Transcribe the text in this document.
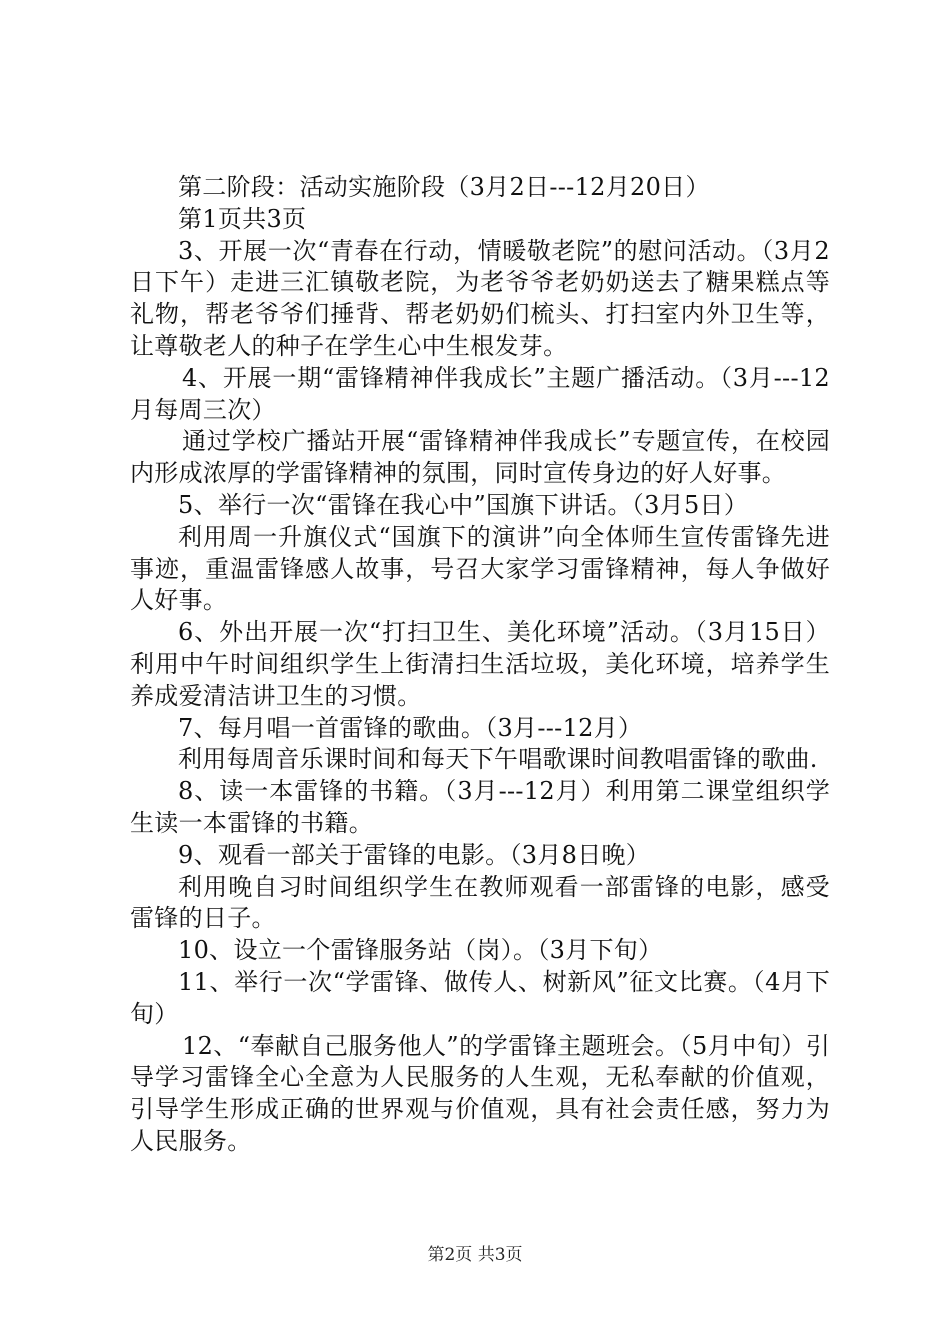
第二阶段：活动实施阶段（3月2日---12月20日）

第1页共3页

3、开展一次“青春在行动，情暖敬老院”的慰问活动。（3月2日下午）走进三汇镇敬老院，为老爷爷老奶奶送去了糖果糕点等礼物，帮老爷爷们捶背、帮老奶奶们梳头、打扫室内外卫生等，让尊敬老人的种子在学生心中生根发芽。

4、开展一期“雷锋精神伴我成长”主题广播活动。（3月---12月每周三次）

通过学校广播站开展“雷锋精神伴我成长”专题宣传，在校园内形成浓厚的学雷锋精神的氛围，同时宣传身边的好人好事。

5、举行一次“雷锋在我心中”国旗下讲话。（3月5日）

利用周一升旗仪式“国旗下的演讲”向全体师生宣传雷锋先进事迹，重温雷锋感人故事，号召大家学习雷锋精神，每人争做好人好事。

6、外出开展一次“打扫卫生、美化环境”活动。（3月15日）利用中午时间组织学生上街清扫生活垃圾，美化环境，培养学生养成爱清洁讲卫生的习惯。

7、每月唱一首雷锋的歌曲。（3月---12月）

利用每周音乐课时间和每天下午唱歌课时间教唱雷锋的歌曲.

8、读一本雷锋的书籍。（3月---12月）利用第二课堂组织学生读一本雷锋的书籍。

9、观看一部关于雷锋的电影。（3月8日晚）

利用晚自习时间组织学生在教师观看一部雷锋的电影，感受雷锋的日子。

10、设立一个雷锋服务站（岗）。（3月下旬）

11、举行一次“学雷锋、做传人、树新风”征文比赛。（4月下旬）

12、“奉献自己服务他人”的学雷锋主题班会。（5月中旬）引导学习雷锋全心全意为人民服务的人生观，无私奉献的价值观，引导学生形成正确的世界观与价值观，具有社会责任感，努力为人民服务。

第2页 共3页
